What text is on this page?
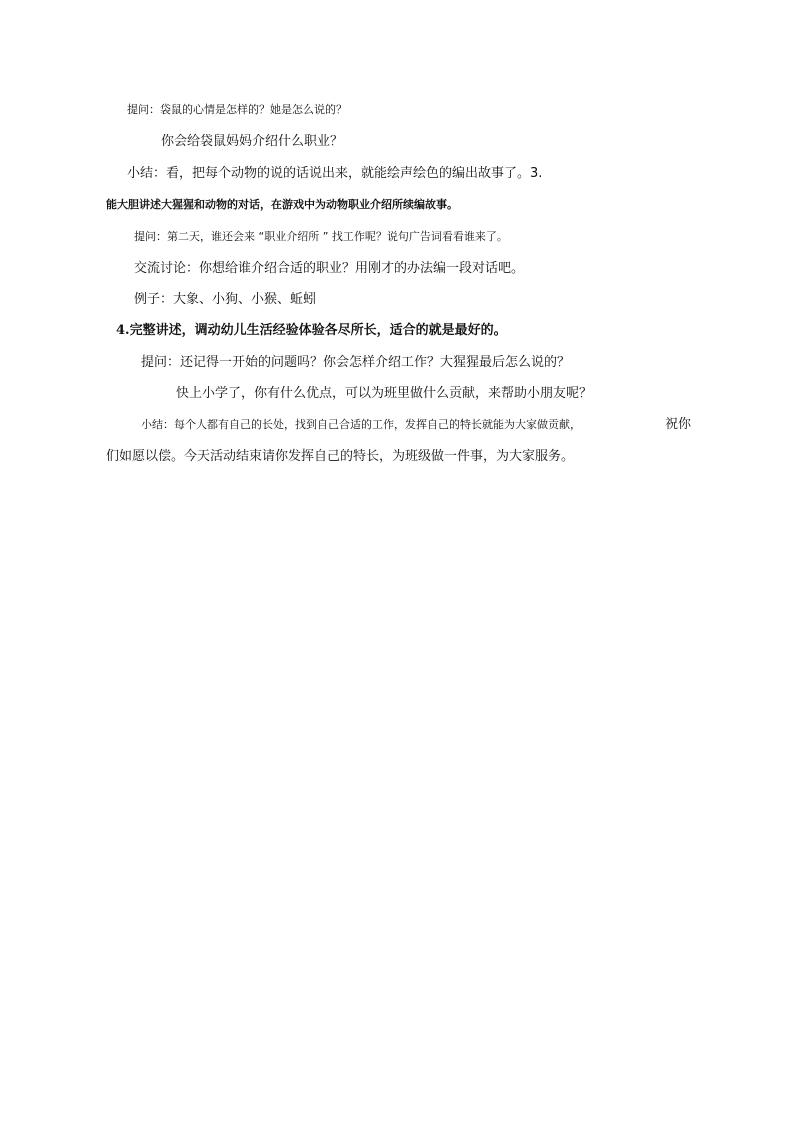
提问：袋鼠的心情是怎样的？她是怎么说的？
你会给袋鼠妈妈介绍什么职业？
小结：看，把每个动物的说的话说出来，就能绘声绘色的编出故事了。3.
能大胆讲述大猩猩和动物的对话，在游戏中为动物职业介绍所续编故事。
提问：第二天，谁还会来 “职业介绍所 ” 找工作呢？说句广告词看看谁来了。
交流讨论：你想给谁介绍合适的职业？用刚才的办法编一段对话吧。
例子：大象、小狗、小猴、蚯蚓
4.完整讲述，调动幼儿生活经验体验各尽所长，适合的就是最好的。
提问：还记得一开始的问题吗？你会怎样介绍工作？大猩猩最后怎么说的？
快上小学了，你有什么优点，可以为班里做什么贡献，来帮助小朋友呢？
小结：每个人都有自己的长处，找到自己合适的工作，发挥自己的特长就能为大家做贡献，	祝你
们如愿以偿。今天活动结束请你发挥自己的特长，为班级做一件事，为大家服务。
